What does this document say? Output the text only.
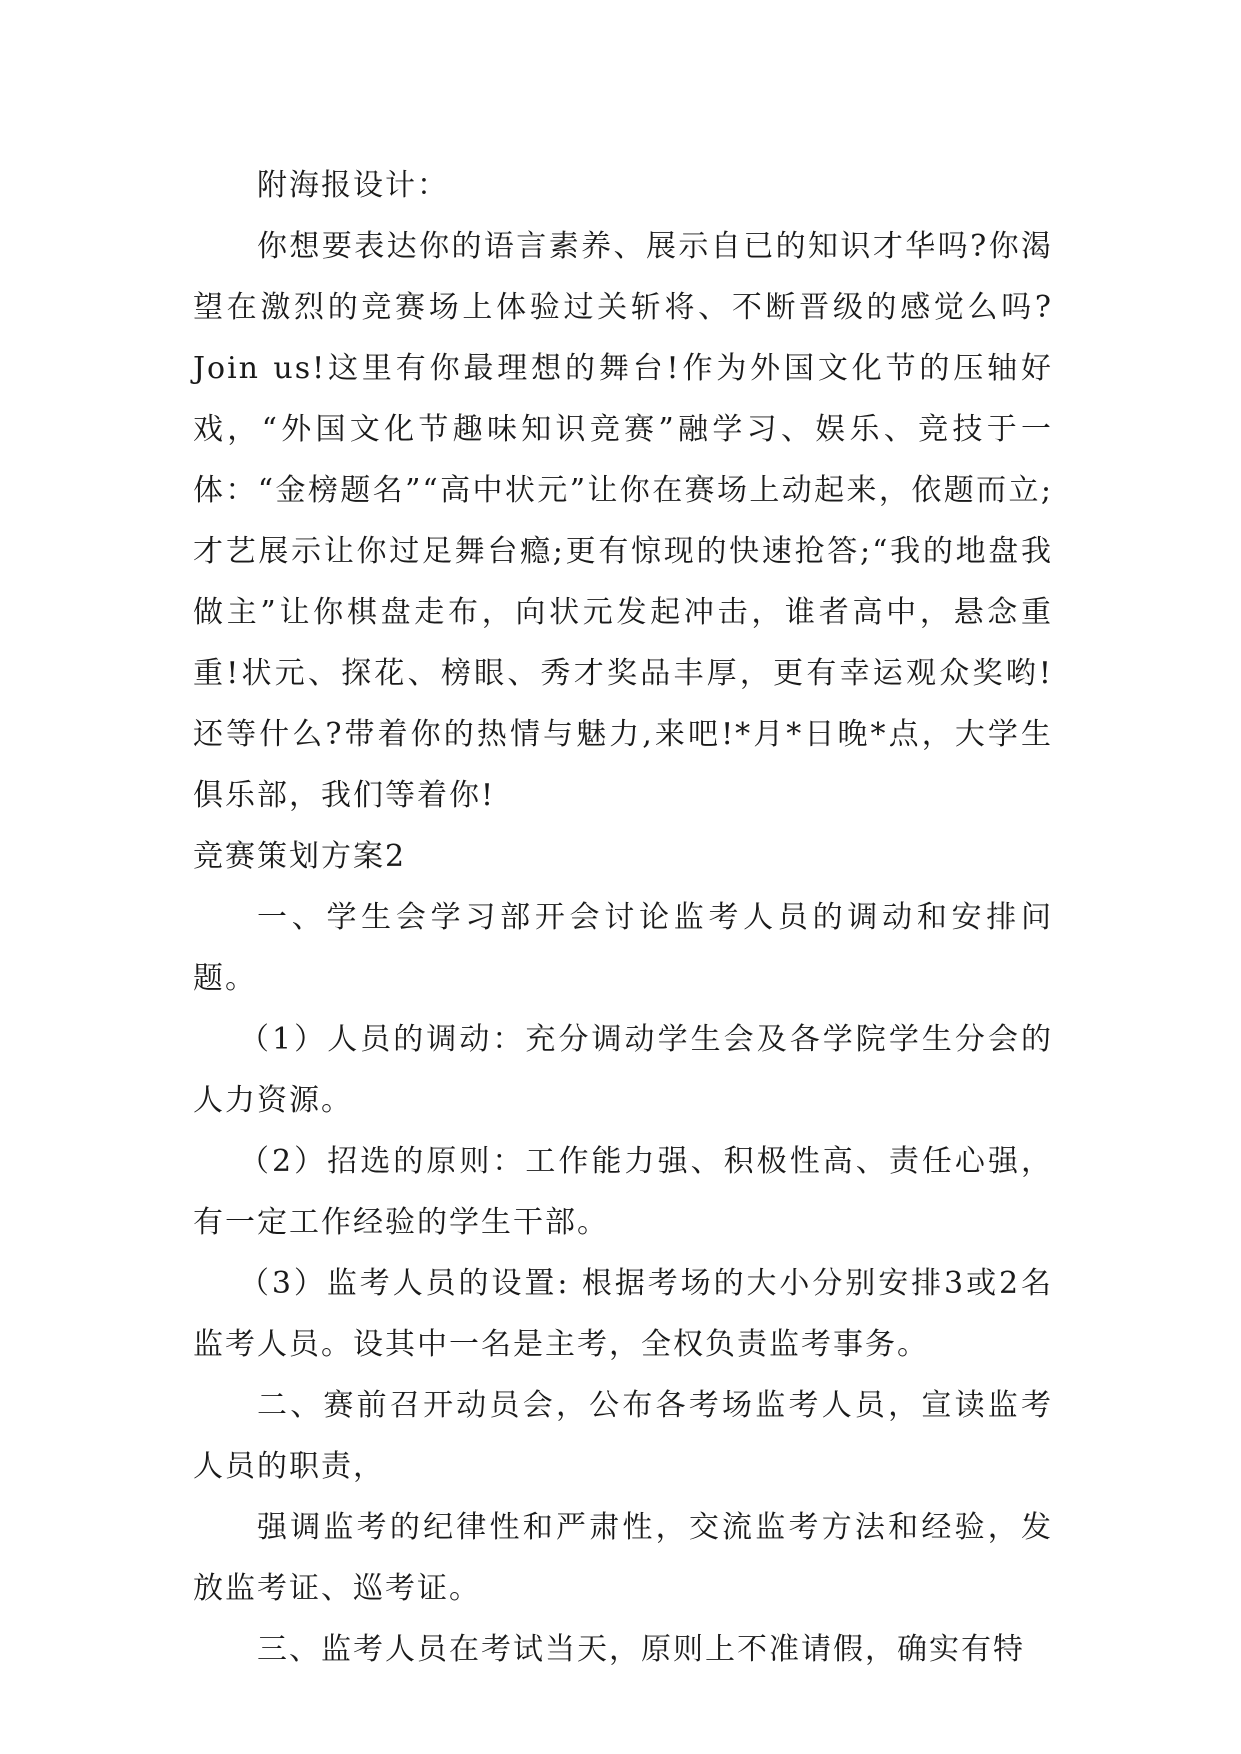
附海报设计：

你想要表达你的语言素养、展示自已的知识才华吗?你渴望在激烈的竞赛场上体验过关斩将、不断晋级的感觉么吗?Join us!这里有你最理想的舞台!作为外国文化节的压轴好戏，“外国文化节趣味知识竞赛”融学习、娱乐、竞技于一体：“金榜题名”“高中状元”让你在赛场上动起来，依题而立;才艺展示让你过足舞台瘾;更有惊现的快速抢答;“我的地盘我做主”让你棋盘走布，向状元发起冲击，谁者高中，悬念重重!状元、探花、榜眼、秀才奖品丰厚，更有幸运观众奖哟!还等什么?带着你的热情与魅力,来吧!*月*日晚*点，大学生俱乐部，我们等着你!

竞赛策划方案2

一、学生会学习部开会讨论监考人员的调动和安排问题。

（1）人员的调动：充分调动学生会及各学院学生分会的人力资源。

（2）招选的原则：工作能力强、积极性高、责任心强，有一定工作经验的学生干部。

（3）监考人员的设置: 根据考场的大小分别安排3或2名监考人员。设其中一名是主考，全权负责监考事务。

二、赛前召开动员会，公布各考场监考人员，宣读监考人员的职责，

强调监考的纪律性和严肃性，交流监考方法和经验，发放监考证、巡考证。

三、监考人员在考试当天，原则上不准请假，确实有特
